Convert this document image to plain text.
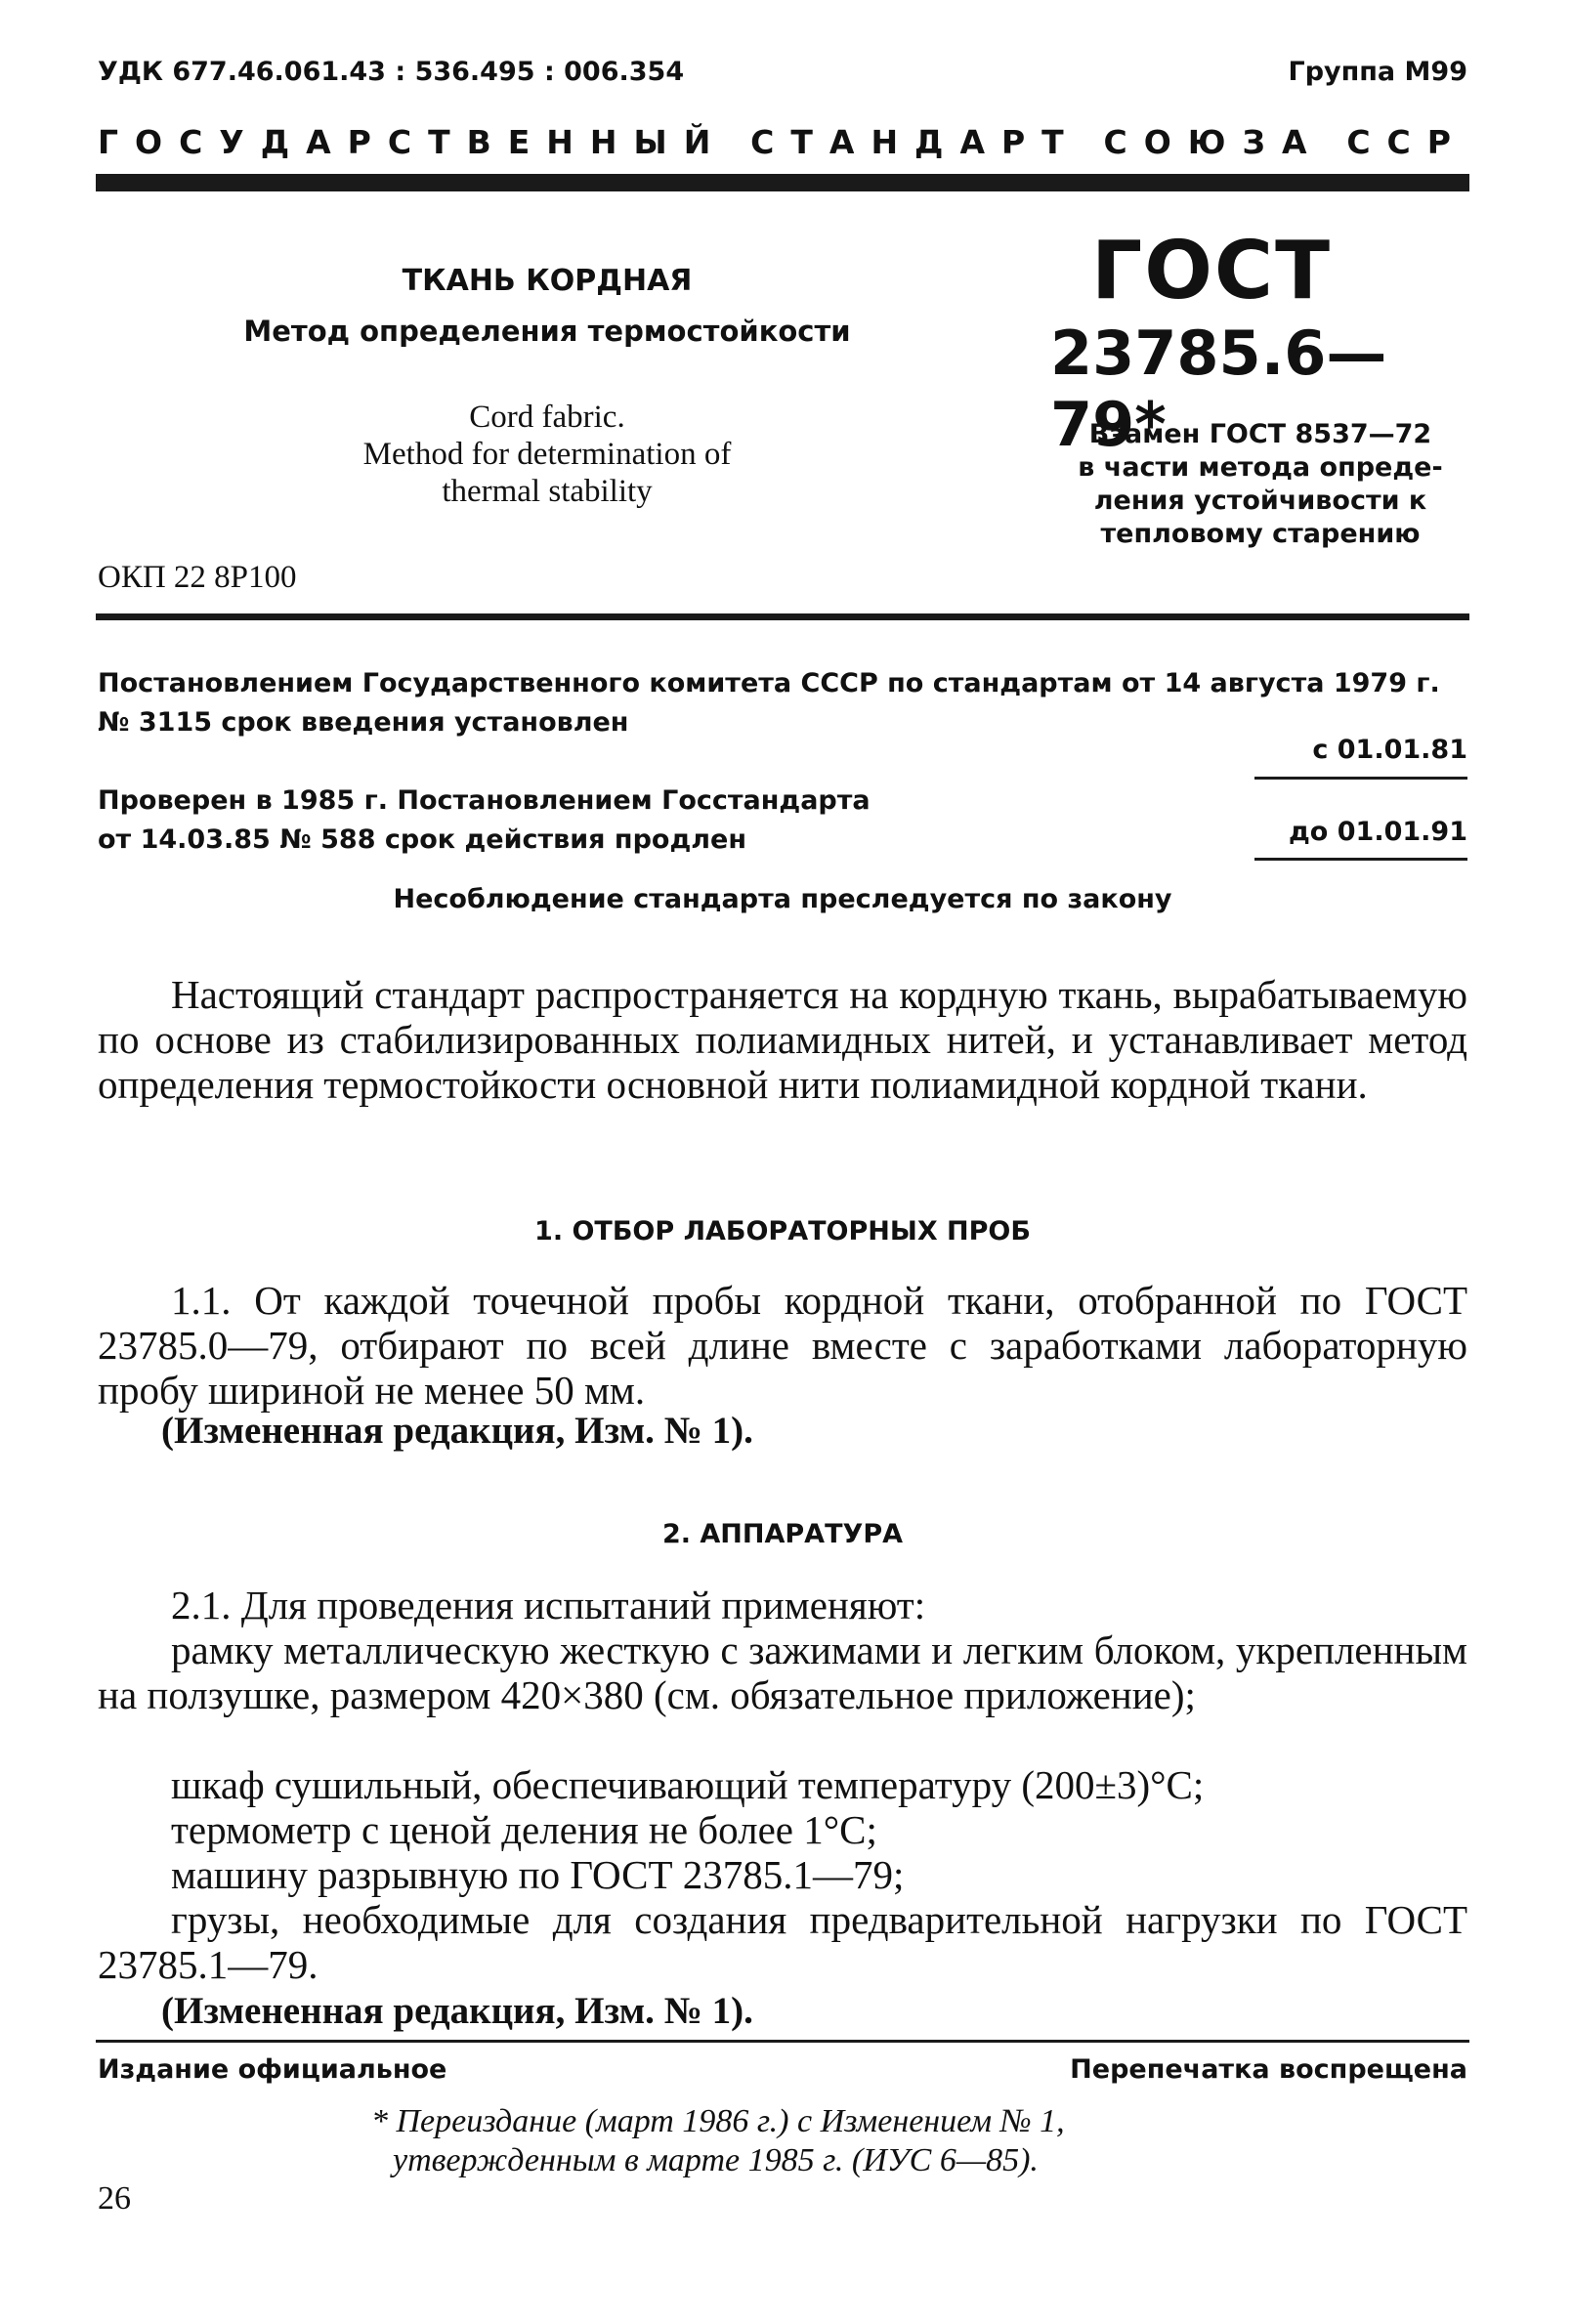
УДК 677.46.061.43 : 536.495 : 006.354	Группа М99
ГОСУДАРСТВЕННЫЙ СТАНДАРТ СОЮЗА ССР
ТКАНЬ КОРДНАЯ
Метод определения термостойкости
Cord fabric.
Method for determination of
thermal stability
ОКП 22 8Р100
ГОСТ
23785.6—79*
Взамен ГОСТ 8537—72
в части метода опреде-
ления устойчивости к
тепловому старению
Постановлением Государственного комитета СССР по стандартам от 14 августа 1979 г. № 3115 срок введения установлен
с 01.01.81
Проверен в 1985 г. Постановлением Госстандарта
от 14.03.85 № 588 срок действия продлен	до 01.01.91
Несоблюдение стандарта преследуется по закону
Настоящий стандарт распространяется на кордную ткань, вырабатываемую по основе из стабилизированных полиамидных нитей, и устанавливает метод определения термостойкости основной нити полиамидной кордной ткани.
1. ОТБОР ЛАБОРАТОРНЫХ ПРОБ
1.1. От каждой точечной пробы кордной ткани, отобранной по ГОСТ 23785.0—79, отбирают по всей длине вместе с заработками лабораторную пробу шириной не менее 50 мм.
(Измененная редакция, Изм. № 1).
2. АППАРАТУРА
2.1. Для проведения испытаний применяют:
рамку металлическую жесткую с зажимами и легким блоком, укрепленным на ползушке, размером 420×380 (см. обязательное приложение);
шкаф сушильный, обеспечивающий температуру (200±3)°С;
термометр с ценой деления не более 1°С;
машину разрывную по ГОСТ 23785.1—79;
грузы, необходимые для создания предварительной нагрузки по ГОСТ 23785.1—79.
(Измененная редакция, Изм. № 1).
Издание официальное	Перепечатка воспрещена
* Переиздание (март 1986 г.) с Изменением № 1,
утвержденным в марте 1985 г. (ИУС 6—85).
26
